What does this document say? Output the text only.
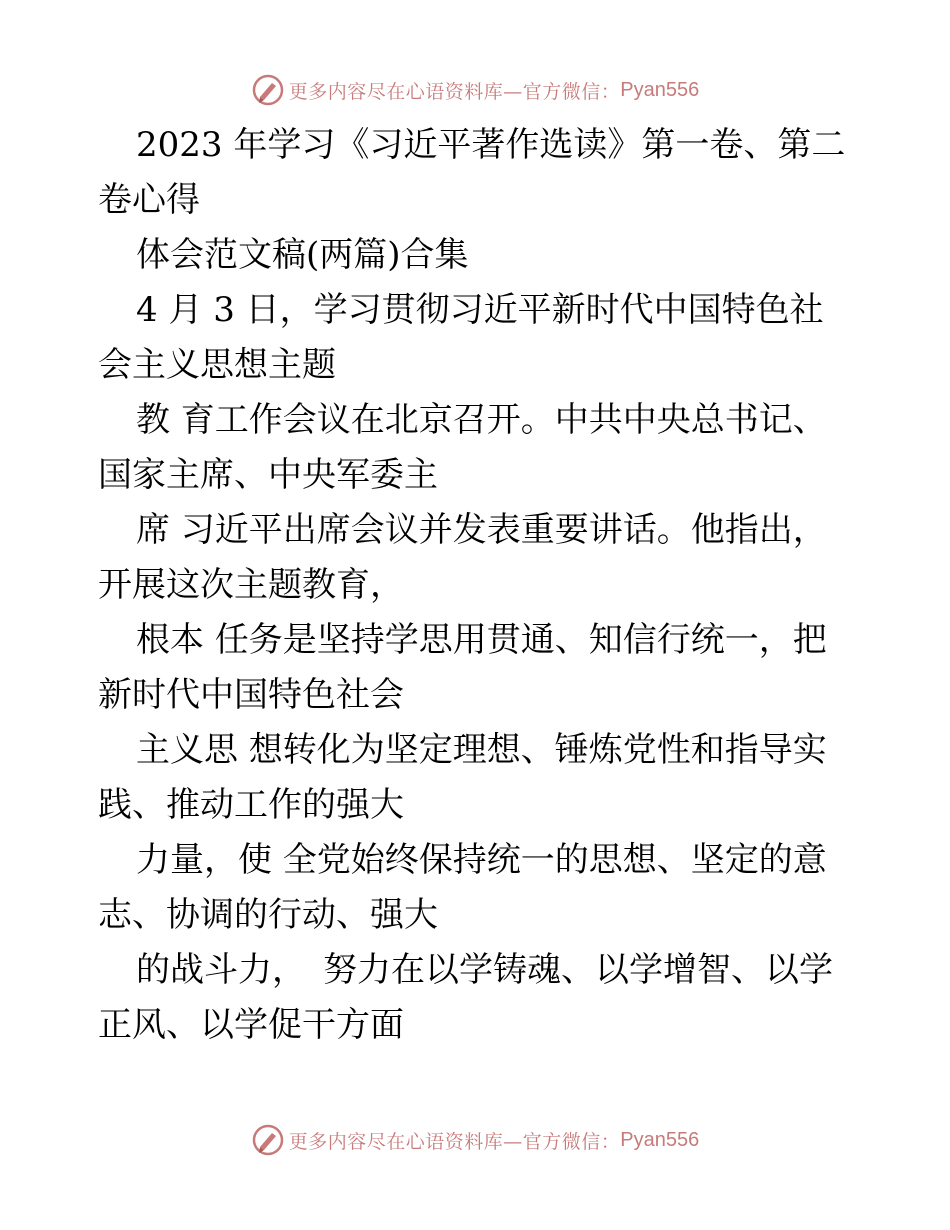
更多内容尽在心语资料库—官方微信： Pyan556
2023 年学习《习近平著作选读》第一卷、第二
卷心得
体会范文稿(两篇)合集
4 月 3 日，学习贯彻习近平新时代中国特色社
会主义思想主题
教 育工作会议在北京召开。中共中央总书记、
国家主席、中央军委主
席 习近平出席会议并发表重要讲话。他指出，
开展这次主题教育，
根本 任务是坚持学思用贯通、知信行统一，把
新时代中国特色社会
主义思 想转化为坚定理想、锤炼党性和指导实
践、推动工作的强大
力量，使 全党始终保持统一的思想、坚定的意
志、协调的行动、强大
的战斗力，　努力在以学铸魂、以学增智、以学
正风、以学促干方面
更多内容尽在心语资料库—官方微信： Pyan556
